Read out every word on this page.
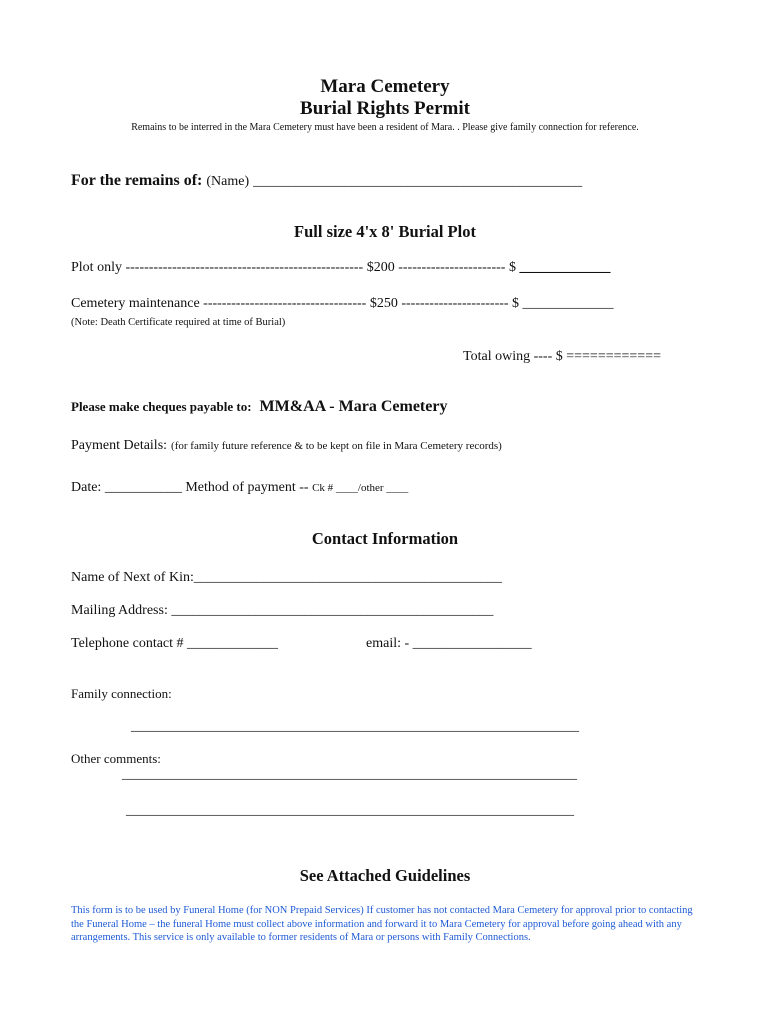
Mara Cemetery
Burial Rights Permit
Remains to be interred in the Mara Cemetery must have been a resident of Mara. . Please give family connection for reference.
For the remains of: (Name) _______________________________________________
Full size 4'x 8' Burial Plot
Plot only --------------------------------------------------- $200 ----------------------- $ _____________
Cemetery maintenance ----------------------------------- $250 ----------------------- $ _____________
(Note: Death Certificate required at time of Burial)
Total owing ---- $ ============
Please make cheques payable to: MM&AA - Mara Cemetery
Payment Details: (for family future reference & to be kept on file in Mara Cemetery records)
Date: ___________ Method of payment -- Ck # ____/other ____
Contact Information
Name of Next of Kin:____________________________________________
Mailing Address: ______________________________________________
Telephone contact # _____________	email: - _________________
Family connection:
________________________________________________________________
Other comments:
_________________________________________________________________
________________________________________________________________
See Attached Guidelines
This form is to be used by Funeral Home (for NON Prepaid Services) If customer has not contacted Mara Cemetery for approval prior to contacting the Funeral Home – the funeral Home must collect above information and forward it to Mara Cemetery for approval before going ahead with any arrangements. This service is only available to former residents of Mara or persons with Family Connections.
